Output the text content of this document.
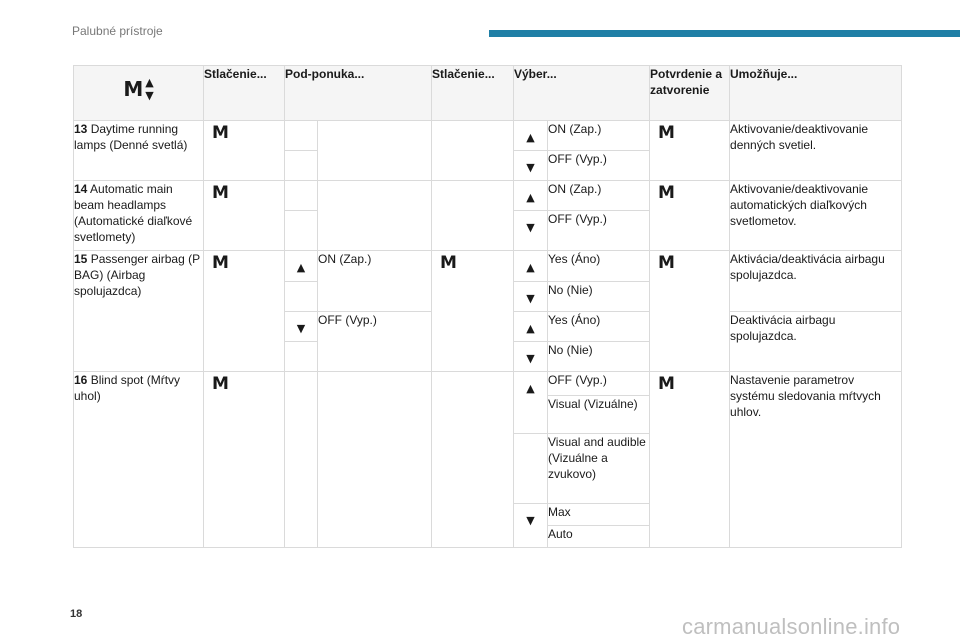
Palubné prístroje
M ▲
▼	Stlačenie...	Pod-ponuka...		Stlačenie...	Výber...		Potvrdenie a zatvorenie	Umožňuje...
13 Daytime running lamps (Denné svetlá)	M				▲	ON (Zap.)	M	Aktivovanie/deaktivovanie denných svetiel.

					▼	OFF (Vyp.)		
14 Automatic main beam headlamps (Automatické diaľkové svetlomety)	M				▲	ON (Zap.)	M	Aktivovanie/deaktivovanie automatických diaľkových svetlometov.

					▼	OFF (Vyp.)		
15 Passenger airbag (P BAG) (Airbag spolujazdca)	M	▲	ON (Zap.)	M	▲	Yes (Áno)	M	Aktivácia/deaktivácia airbagu spolujazdca.

					▼	No (Nie)		

		▼	OFF (Vyp.)		▲	Yes (Áno)		Deaktivácia airbagu spolujazdca.

					▼	No (Nie)		
16 Blind spot (Mŕtvy uhol)	M				▲	OFF (Vyp.)	M	Nastavenie parametrov systému sledovania mŕtvych uhlov.
						Visual (Vizuálne)		
						Visual and audible (Vizuálne a zvukovo)		

					▼	Max		
						Auto		
18	carmanualsonline.info
